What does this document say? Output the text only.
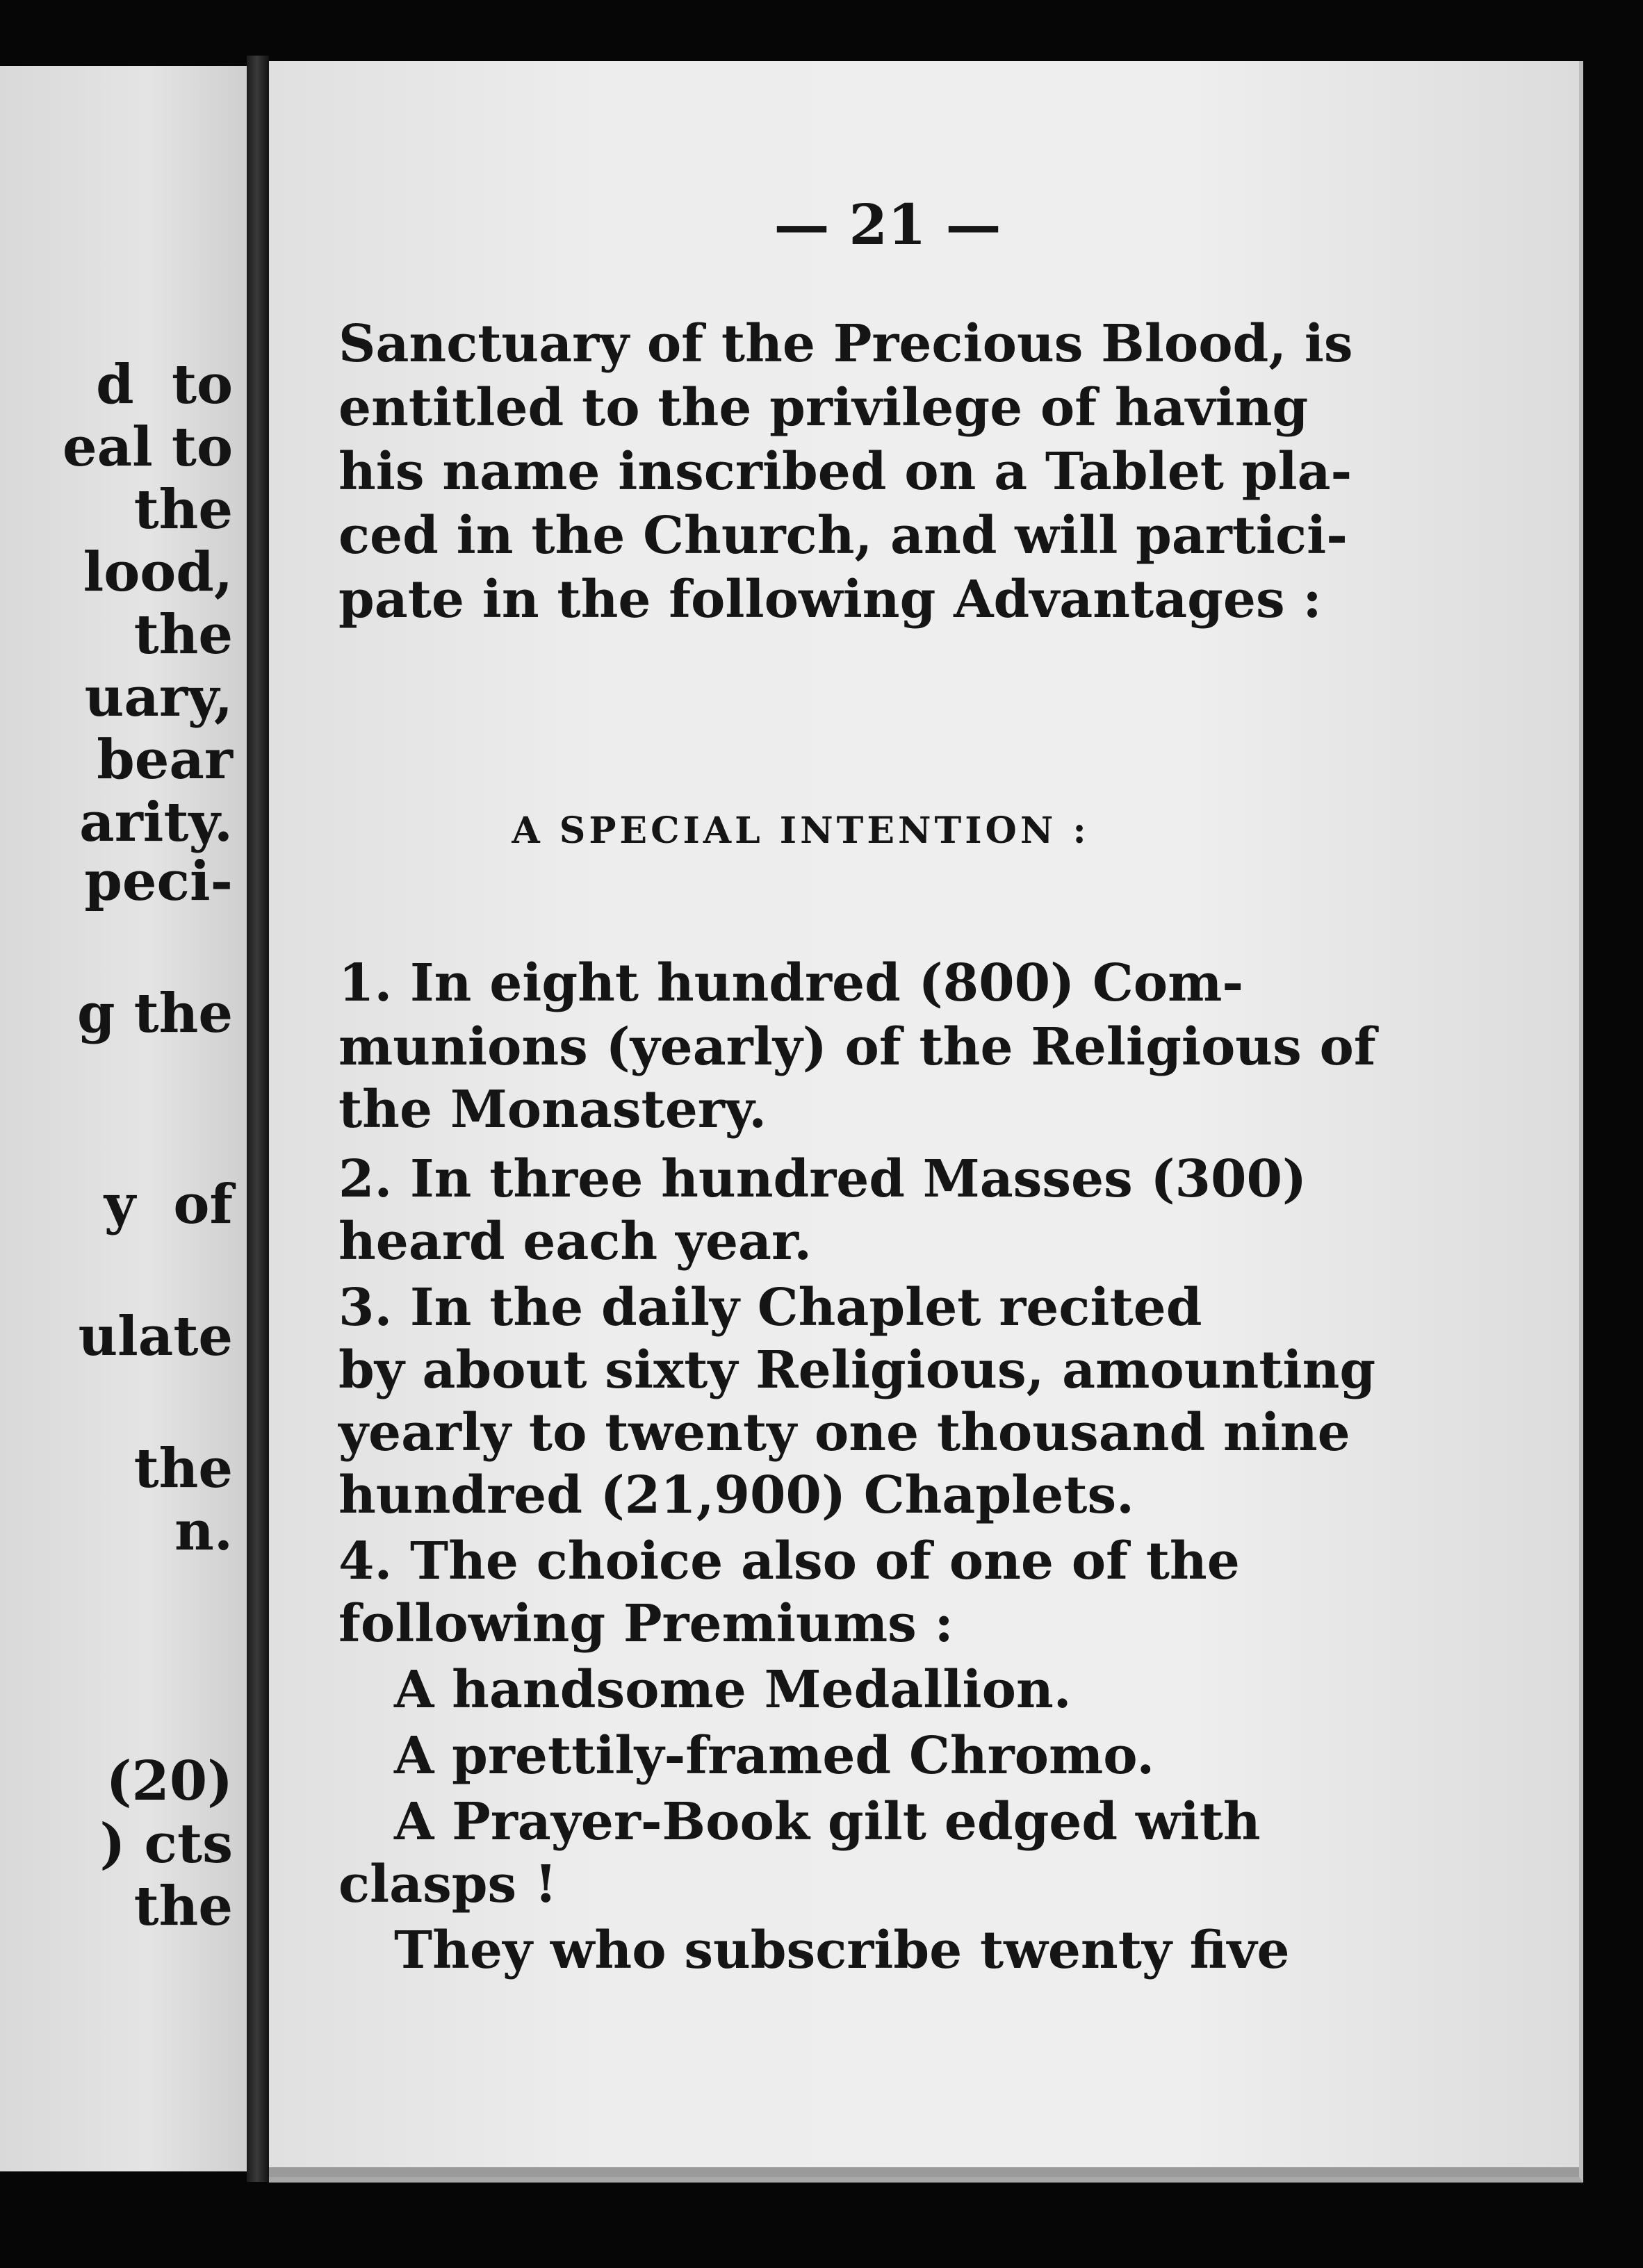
d  to
eal to
the
lood,
the
uary,
bear
arity.
peci-
g the
y  of
ulate
the
n.
(20)
) cts
the
— 21 —
Sanctuary of the Precious Blood, is
entitled to the privilege of having
his name inscribed on a Tablet pla-
ced in the Church, and will partici-
pate in the following Advantages :
A SPECIAL INTENTION :
1. In eight hundred (800) Com-
munions (yearly) of the Religious of
the Monastery.
2. In three hundred Masses (300)
heard each year.
3. In the daily Chaplet recited
by about sixty Religious, amounting
yearly to twenty one thousand nine
hundred (21,900) Chaplets.
4. The choice also of one of the
following Premiums :
A handsome Medallion.
A prettily-framed Chromo.
A Prayer-Book gilt edged with
clasps !
They who subscribe twenty five
